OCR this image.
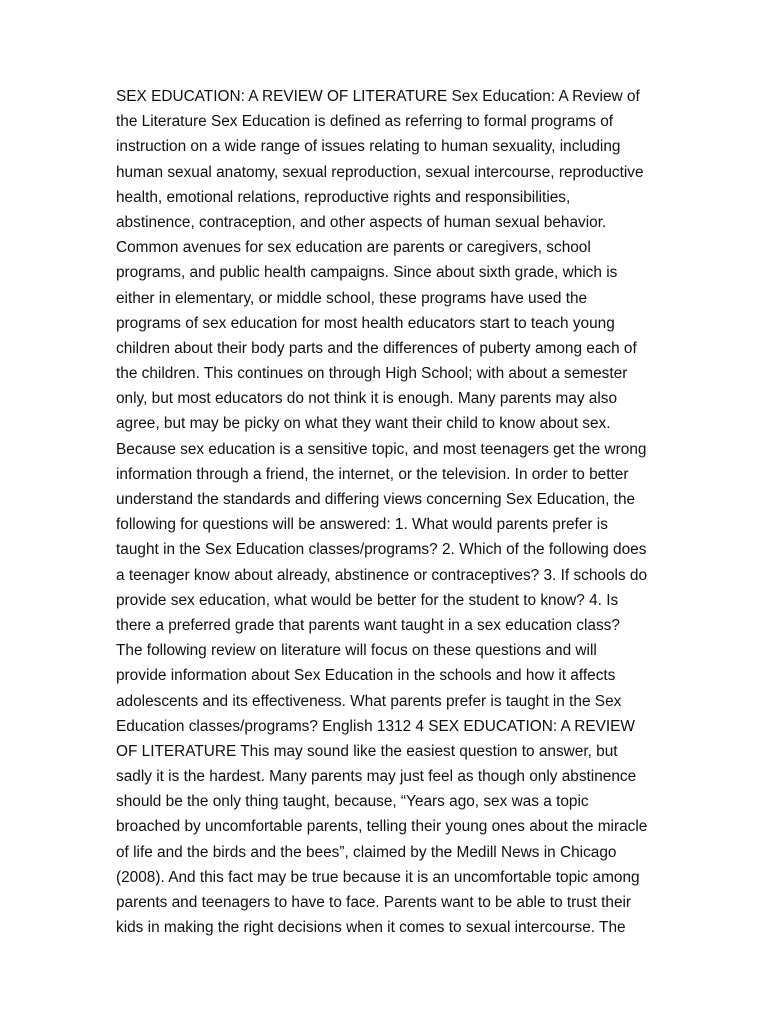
SEX EDUCATION: A REVIEW OF LITERATURE Sex Education: A Review of
the Literature Sex Education is defined as referring to formal programs of
instruction on a wide range of issues relating to human sexuality, including
human sexual anatomy, sexual reproduction, sexual intercourse, reproductive
health, emotional relations, reproductive rights and responsibilities,
abstinence, contraception, and other aspects of human sexual behavior.
Common avenues for sex education are parents or caregivers, school
programs, and public health campaigns. Since about sixth grade, which is
either in elementary, or middle school, these programs have used the
programs of sex education for most health educators start to teach young
children about their body parts and the differences of puberty among each of
the children. This continues on through High School; with about a semester
only, but most educators do not think it is enough. Many parents may also
agree, but may be picky on what they want their child to know about sex.
Because sex education is a sensitive topic, and most teenagers get the wrong
information through a friend, the internet, or the television. In order to better
understand the standards and differing views concerning Sex Education, the
following for questions will be answered: 1. What would parents prefer is
taught in the Sex Education classes/programs? 2. Which of the following does
a teenager know about already, abstinence or contraceptives? 3. If schools do
provide sex education, what would be better for the student to know? 4. Is
there a preferred grade that parents want taught in a sex education class?
The following review on literature will focus on these questions and will
provide information about Sex Education in the schools and how it affects
adolescents and its effectiveness. What parents prefer is taught in the Sex
Education classes/programs? English 1312 4 SEX EDUCATION: A REVIEW
OF LITERATURE This may sound like the easiest question to answer, but
sadly it is the hardest. Many parents may just feel as though only abstinence
should be the only thing taught, because, “Years ago, sex was a topic
broached by uncomfortable parents, telling their young ones about the miracle
of life and the birds and the bees”, claimed by the Medill News in Chicago
(2008). And this fact may be true because it is an uncomfortable topic among
parents and teenagers to have to face. Parents want to be able to trust their
kids in making the right decisions when it comes to sexual intercourse. The
